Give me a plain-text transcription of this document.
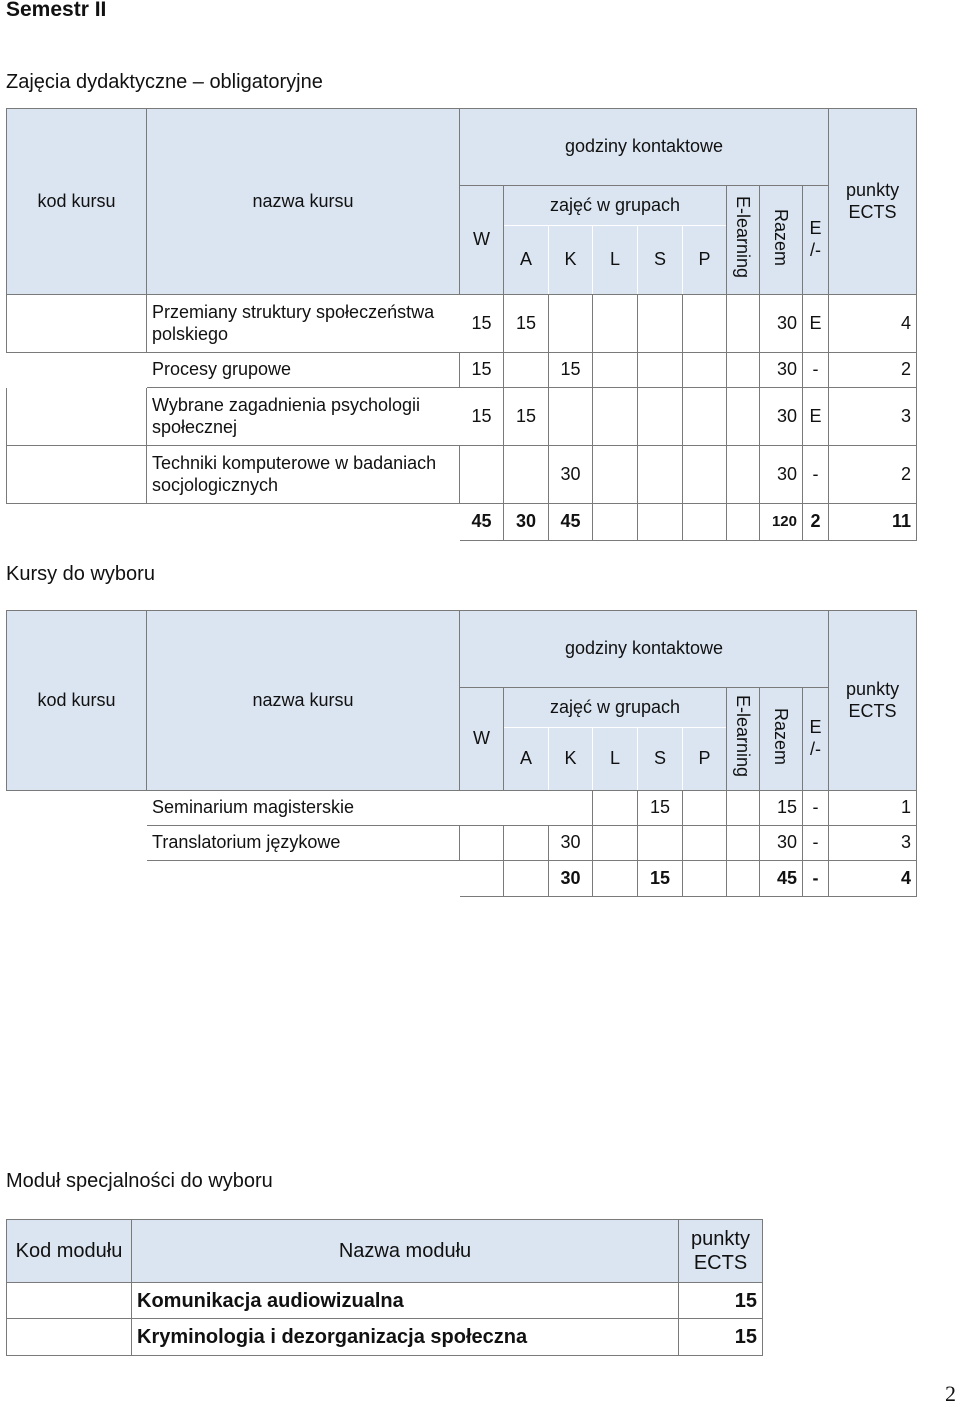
Semestr II
Zajęcia dydaktyczne – obligatoryjne
kod kursu	nazwa kursu	godziny kontaktowe									punkty
ECTS
		W	zajęć w grupach					E-learning	Razem	E
/-	
			A	K	L	S	P				
	Przemiany struktury społeczeństwa polskiego	15	15						30	E	4
	Procesy grupowe	15		15					30	-	2
	Wybrane zagadnienia psychologii społecznej	15	15						30	E	3
	Techniki komputerowe w badaniach socjologicznych			30					30	-	2
		45	30	45					120	2	11
Kursy do wyboru
kod kursu	nazwa kursu	godziny kontaktowe									punkty
ECTS
		W	zajęć w grupach					E-learning	Razem	E
/-	
			A	K	L	S	P				
	Seminarium magisterskie					15			15	-	1
	Translatorium językowe			30					30	-	3
				30		15			45	-	4
Moduł specjalności do wyboru
Kod modułu	Nazwa modułu	punkty
ECTS
	Komunikacja audiowizualna	15
	Kryminologia i dezorganizacja społeczna	15
2
